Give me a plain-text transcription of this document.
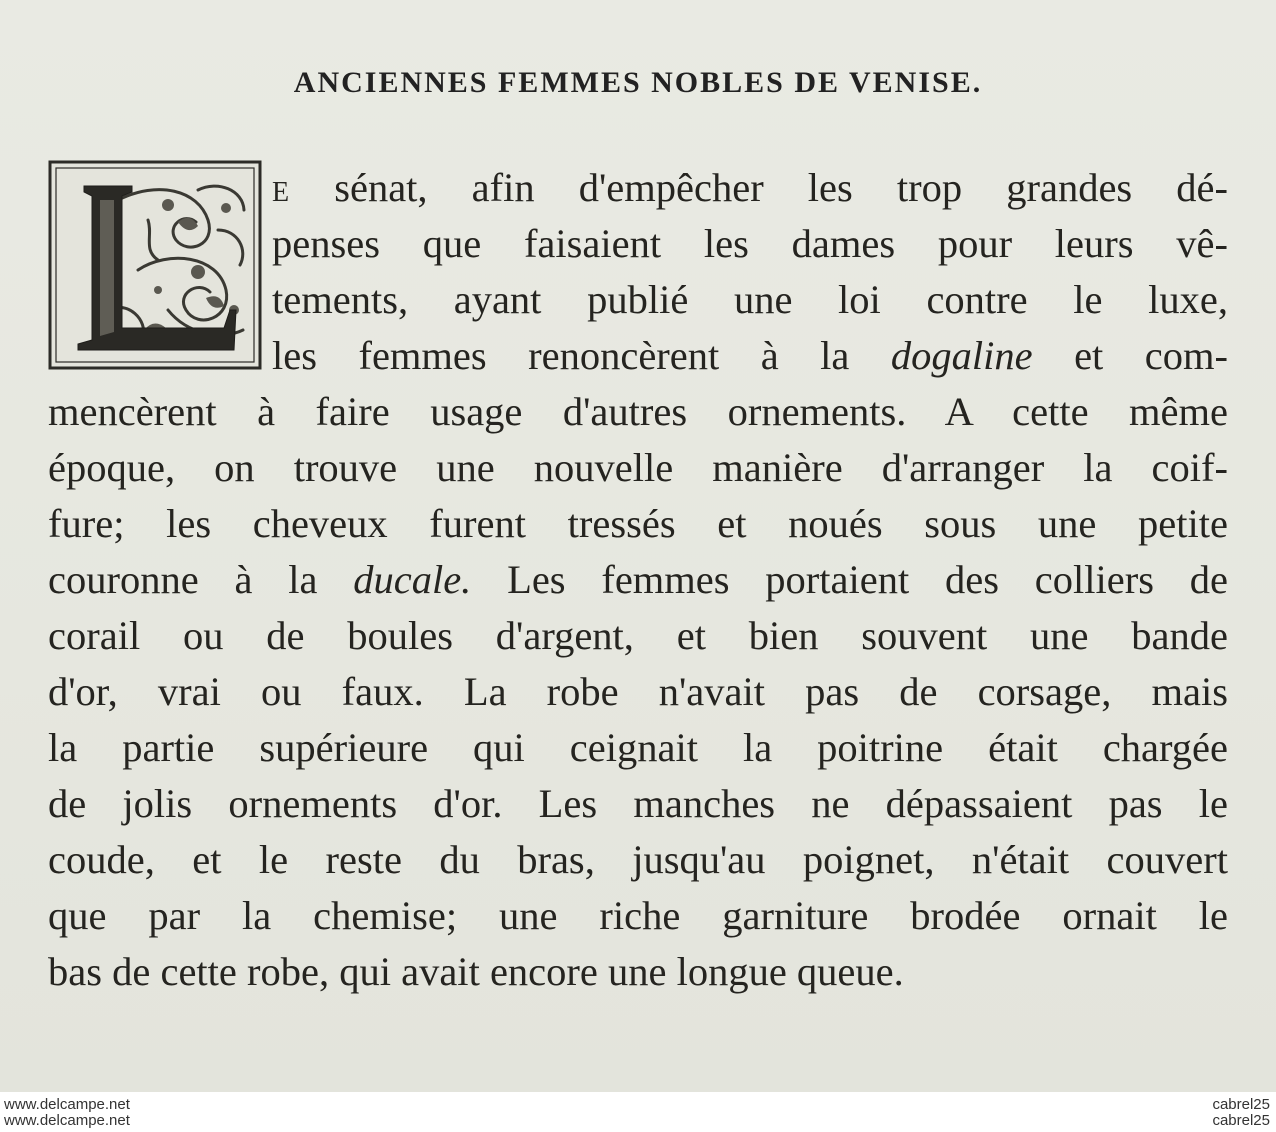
ANCIENNES FEMMES NOBLES DE VENISE.
e sénat, afin d'empêcher les trop grandes dé-
penses que faisaient les dames pour leurs vê-
tements, ayant publié une loi contre le luxe,
les femmes renoncèrent à la dogaline et com-
mencèrent à faire usage d'autres ornements. A cette même
époque, on trouve une nouvelle manière d'arranger la coif-
fure; les cheveux furent tressés et noués sous une petite
couronne à la ducale. Les femmes portaient des colliers de
corail ou de boules d'argent, et bien souvent une bande
d'or, vrai ou faux. La robe n'avait pas de corsage, mais
la partie supérieure qui ceignait la poitrine était chargée
de jolis ornements d'or. Les manches ne dépassaient pas le
coude, et le reste du bras, jusqu'au poignet, n'était couvert
que par la chemise; une riche garniture brodée ornait le
bas de cette robe, qui avait encore une longue queue.
www.delcampe.net
www.delcampe.net
cabrel25
cabrel25
